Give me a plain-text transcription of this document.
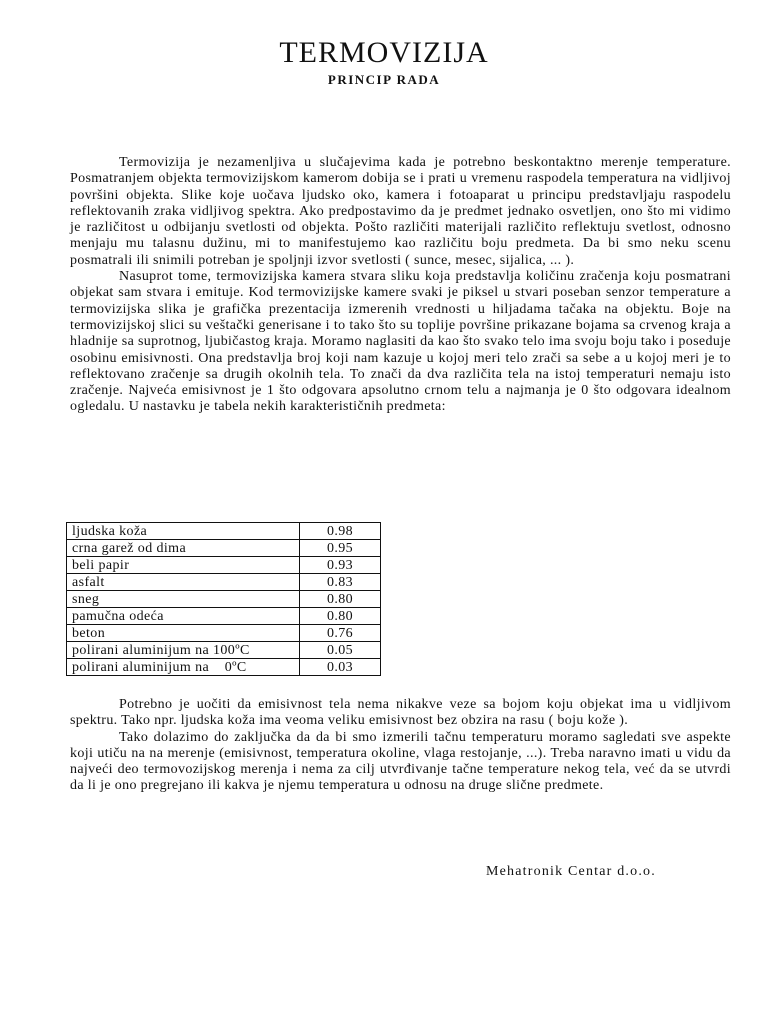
TERMOVIZIJA
PRINCIP RADA

Termovizija je nezamenljiva u slučajevima kada je potrebno beskontaktno merenje temperature. Posmatranjem objekta termovizijskom kamerom dobija se i prati u vremenu raspodela temperatura na vidljivoj površini objekta. Slike koje uočava ljudsko oko, kamera i fotoaparat u principu predstavljaju raspodelu reflektovanih zraka vidljivog spektra. Ako predpostavimo da je predmet jednako osvetljen, ono što mi vidimo je različitost u odbijanju svetlosti od objekta. Pošto različiti materijali različito reflektuju svetlost, odnosno menjaju mu talasnu dužinu, mi to manifestujemo kao različitu boju predmeta. Da bi smo neku scenu posmatrali ili snimili potreban je spoljnji izvor svetlosti ( sunce, mesec, sijalica, ... ).

Nasuprot tome, termovizijska kamera stvara sliku koja predstavlja količinu zračenja koju posmatrani objekat sam stvara i emituje. Kod termovizijske kamere svaki je piksel u stvari poseban senzor temperature a termovizijska slika je grafička prezentacija izmerenih vrednosti u hiljadama tačaka na objektu. Boje na termovizijskoj slici su veštački generisane i to tako što su toplije površine prikazane bojama sa crvenog kraja a hladnije sa suprotnog, ljubičastog kraja. Moramo naglasiti da kao što svako telo ima svoju boju tako i poseduje osobinu emisivnosti. Ona predstavlja broj koji nam kazuje u kojoj meri telo zrači sa sebe a u kojoj meri je to reflektovano zračenje sa drugih okolnih tela. To znači da dva različita tela na istoj temperaturi nemaju isto zračenje. Najveća emisivnost je 1 što odgovara apsolutno crnom telu a najmanja je 0 što odgovara idealnom ogledalu. U nastavku je tabela nekih karakterističnih predmeta:

ljudska koža	0.98
crna garež od dima	0.95
beli papir	0.93
asfalt	0.83
sneg	0.80
pamučna odeća	0.80
beton	0.76
polirani aluminijum na 100ºC	0.05
polirani aluminijum na    0ºC	0.03

Potrebno je uočiti da emisivnost tela nema nikakve veze sa bojom koju objekat ima u vidljivom spektru. Tako npr. ljudska koža ima veoma veliku emisivnost bez obzira na rasu ( boju kože ).

Tako dolazimo do zaključka da da bi smo izmerili tačnu temperaturu moramo sagledati sve aspekte koji utiču na na merenje (emisivnost, temperatura okoline, vlaga restojanje, ...). Treba naravno imati u vidu da najveći deo termovozijskog merenja i nema za cilj utvrđivanje tačne temperature nekog tela, već da se utvrdi da li je ono pregrejano ili kakva je njemu temperatura u odnosu na druge slične predmete.

Mehatronik Centar d.o.o.
